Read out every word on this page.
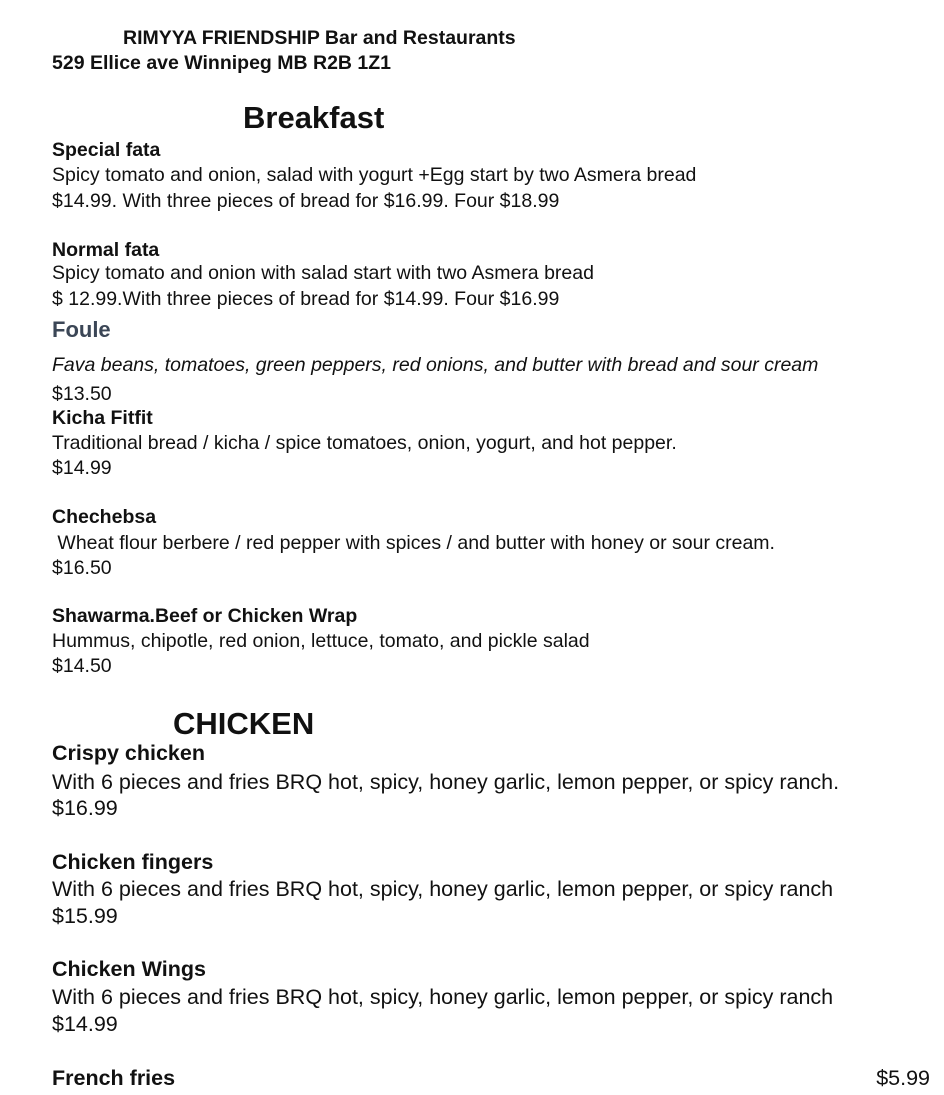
RIMYYA FRIENDSHIP Bar and Restaurants
529 Ellice ave Winnipeg MB R2B 1Z1
Breakfast
Special fata
Spicy tomato and onion, salad with yogurt +Egg start by two Asmera bread
$14.99. With three pieces of bread for $16.99. Four $18.99
Normal fata
Spicy tomato and onion with salad start with two Asmera bread
$ 12.99.With three pieces of bread for $14.99. Four $16.99
Foule
Fava beans, tomatoes, green peppers, red onions, and butter with bread and sour cream
$13.50
Kicha Fitfit
Traditional bread / kicha / spice tomatoes, onion, yogurt, and hot pepper.
$14.99
Chechebsa
Wheat flour berbere / red pepper with spices / and butter with honey or sour cream.
$16.50
Shawarma.Beef or Chicken Wrap
Hummus, chipotle, red onion, lettuce, tomato, and pickle salad
$14.50
CHICKEN
Crispy chicken
With 6 pieces and fries BRQ hot, spicy, honey garlic, lemon pepper, or spicy ranch.
$16.99
Chicken fingers
With 6 pieces and fries BRQ hot, spicy, honey garlic, lemon pepper, or spicy ranch
$15.99
Chicken Wings
With 6 pieces and fries BRQ hot, spicy, honey garlic, lemon pepper, or spicy ranch
$14.99
French fries	$5.99
